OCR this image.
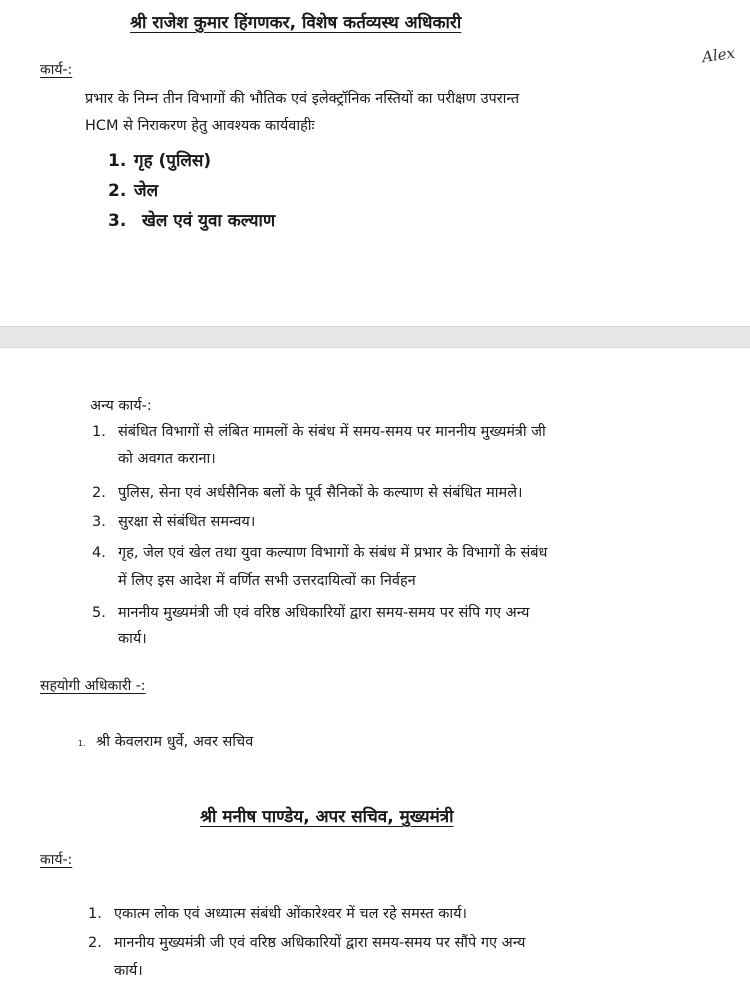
श्री राजेश कुमार हिंगणकर, विशेष कर्तव्यस्थ अधिकारी
Alex
कार्य-:
प्रभार के निम्न तीन विभागों की भौतिक एवं इलेक्ट्रॉनिक नस्तियों का परीक्षण उपरान्त
HCM से निराकरण हेतु आवश्यक कार्यवाहीः
1. गृह (पुलिस)
2. जेल
3. खेल एवं युवा कल्याण
अन्य कार्य-:
1. संबंधित विभागों से लंबित मामलों के संबंध में समय-समय पर माननीय मुख्यमंत्री जी
को अवगत कराना।
2. पुलिस, सेना एवं अर्धसैनिक बलों के पूर्व सैनिकों के कल्याण से संबंधित मामले।
3. सुरक्षा से संबंधित समन्वय।
4. गृह, जेल एवं खेल तथा युवा कल्याण विभागों के संबंध में प्रभार के विभागों के संबंध
में लिए इस आदेश में वर्णित सभी उत्तरदायित्वों का निर्वहन
5. माननीय मुख्यमंत्री जी एवं वरिष्ठ अधिकारियों द्वारा समय-समय पर संपि गए अन्य
कार्य।
सहयोगी अधिकारी -:
1. श्री केवलराम धुर्वे, अवर सचिव
श्री मनीष पाण्डेय, अपर सचिव, मुख्यमंत्री
कार्य-:
1. एकात्म लोक एवं अध्यात्म संबंधी ओंकारेश्वर में चल रहे समस्त कार्य।
2. माननीय मुख्यमंत्री जी एवं वरिष्ठ अधिकारियों द्वारा समय-समय पर सौंपे गए अन्य
कार्य।
